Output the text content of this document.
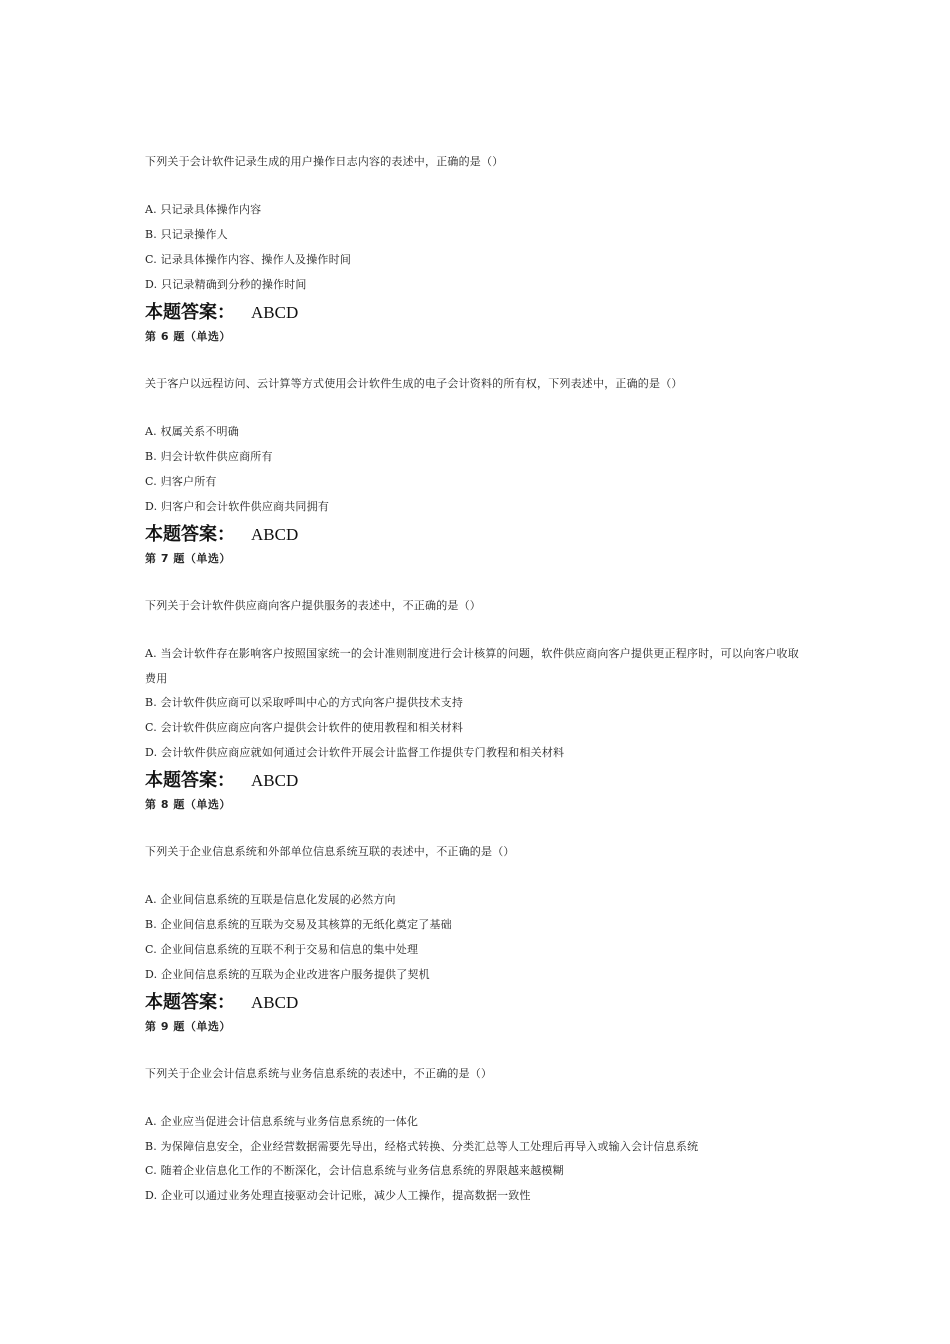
下列关于会计软件记录生成的用户操作日志内容的表述中，正确的是（）
A. 只记录具体操作内容
B. 只记录操作人
C. 记录具体操作内容、操作人及操作时间
D. 只记录精确到分秒的操作时间
本题答案： ABCD
第 6 题（单选）
关于客户以远程访问、云计算等方式使用会计软件生成的电子会计资料的所有权，下列表述中，正确的是（）
A. 权属关系不明确
B. 归会计软件供应商所有
C. 归客户所有
D. 归客户和会计软件供应商共同拥有
本题答案： ABCD
第 7 题（单选）
下列关于会计软件供应商向客户提供服务的表述中，不正确的是（）
A. 当会计软件存在影响客户按照国家统一的会计准则制度进行会计核算的问题，软件供应商向客户提供更正程序时，可以向客户收取费用
B. 会计软件供应商可以采取呼叫中心的方式向客户提供技术支持
C. 会计软件供应商应向客户提供会计软件的使用教程和相关材料
D. 会计软件供应商应就如何通过会计软件开展会计监督工作提供专门教程和相关材料
本题答案： ABCD
第 8 题（单选）
下列关于企业信息系统和外部单位信息系统互联的表述中，不正确的是（）
A. 企业间信息系统的互联是信息化发展的必然方向
B. 企业间信息系统的互联为交易及其核算的无纸化奠定了基础
C. 企业间信息系统的互联不利于交易和信息的集中处理
D. 企业间信息系统的互联为企业改进客户服务提供了契机
本题答案： ABCD
第 9 题（单选）
下列关于企业会计信息系统与业务信息系统的表述中，不正确的是（）
A. 企业应当促进会计信息系统与业务信息系统的一体化
B. 为保障信息安全，企业经营数据需要先导出，经格式转换、分类汇总等人工处理后再导入或输入会计信息系统
C. 随着企业信息化工作的不断深化，会计信息系统与业务信息系统的界限越来越模糊
D. 企业可以通过业务处理直接驱动会计记账，减少人工操作，提高数据一致性
